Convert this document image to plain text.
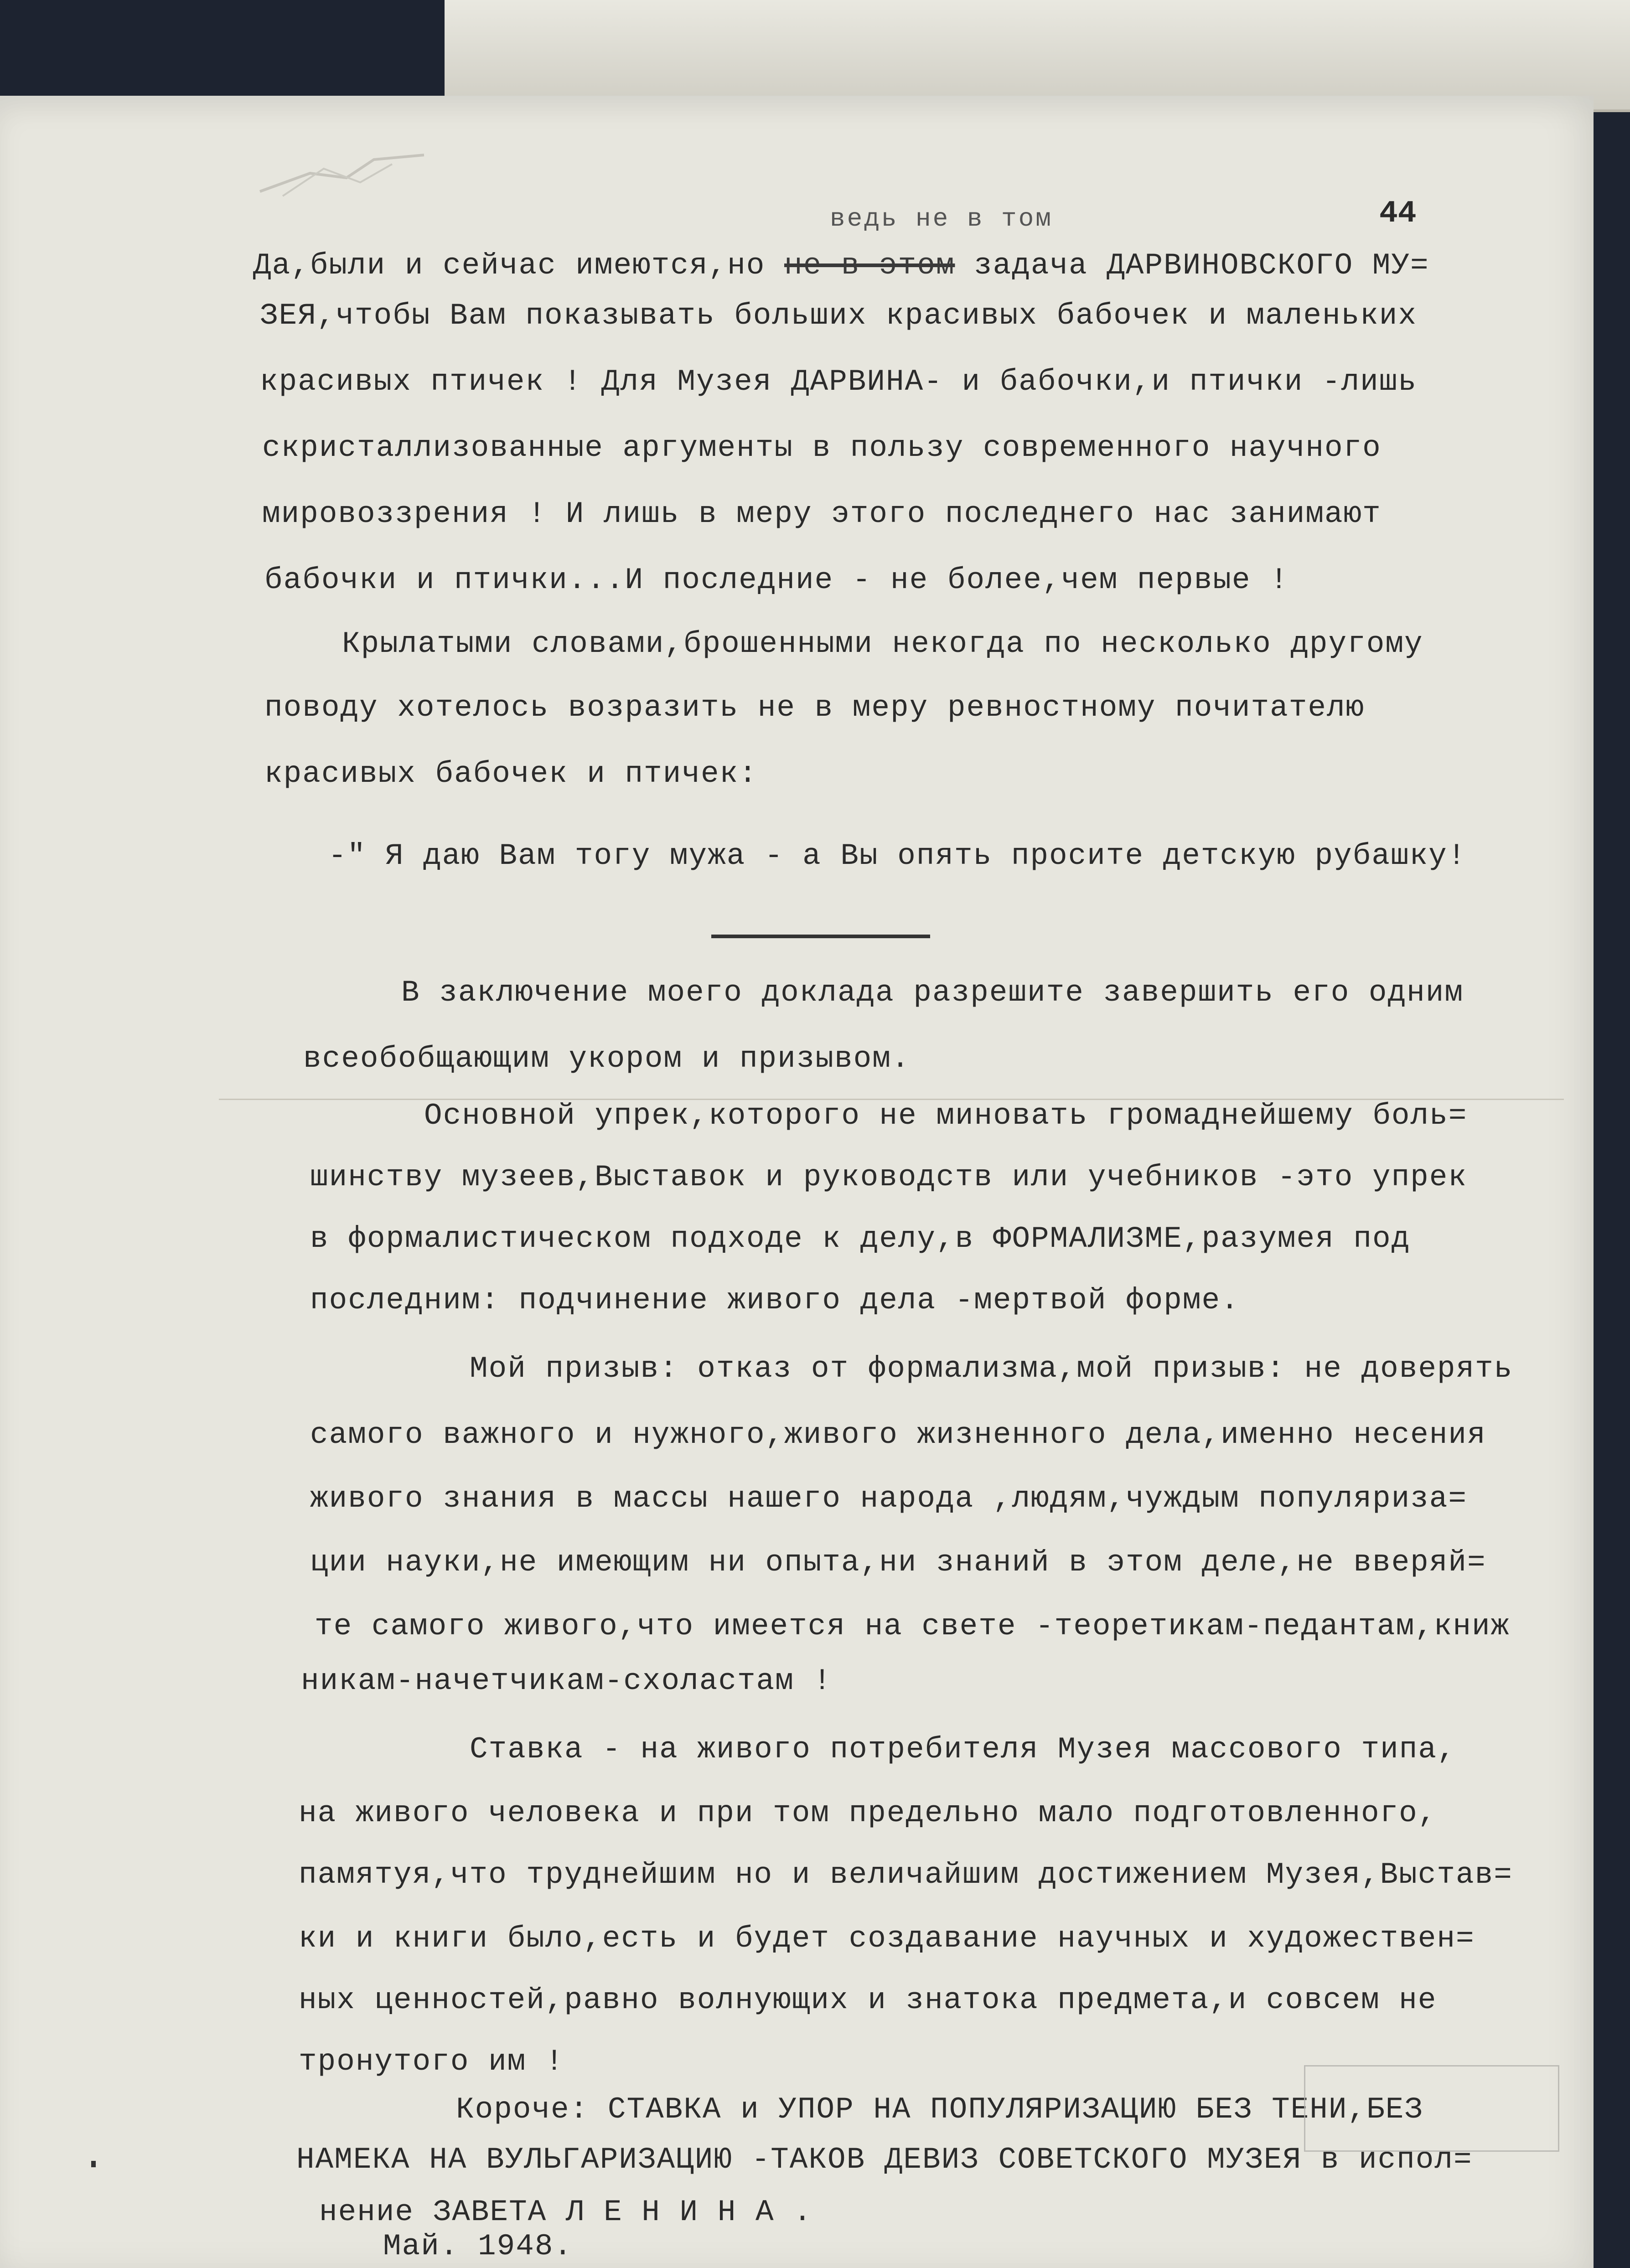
44
ведь не в том
Да,были и сейчас имеются,но не в этом задача ДАРВИНОВСКОГО МУ=
ЗЕЯ,чтобы Вам показывать больших красивых бабочек и маленьких
красивых птичек ! Для Музея ДАРВИНА- и бабочки,и птички -лишь
скристаллизованные аргументы в пользу современного научного
мировоззрения ! И лишь в меру этого последнего нас занимают
бабочки и птички...И последние - не более,чем первые !
Крылатыми словами,брошенными некогда по несколько другому
поводу хотелось возразить не в меру ревностному почитателю
красивых бабочек и птичек:
-" Я даю Вам тогу мужа - а Вы опять просите детскую рубашку!
В заключение моего доклада разрешите завершить его одним
всеобобщающим укором и призывом.
Основной упрек,которого не миновать громаднейшему боль=
шинству музеев,Выставок и руководств или учебников -это упрек
в формалистическом подходе к делу,в ФОРМАЛИЗМЕ,разумея под
последним: подчинение живого дела -мертвой форме.
Мой призыв: отказ от формализма,мой призыв: не доверять
самого важного и нужного,живого жизненного дела,именно несения
живого знания в массы нашего народа ,людям,чуждым популяриза=
ции науки,не имеющим ни опыта,ни знаний в этом деле,не вверяй=
те самого живого,что имеется на свете -теоретикам-педантам,книж
никам-начетчикам-схоластам !
Ставка - на живого потребителя Музея массового типа,
на живого человека и при том предельно мало подготовленного,
памятуя,что труднейшим но и величайшим достижением Музея,Выстав=
ки и книги было,есть и будет создавание научных и художествен=
ных ценностей,равно волнующих и знатока предмета,и совсем не
тронутого им !
Короче: СТАВКА и УПОР НА ПОПУЛЯРИЗАЦИЮ БЕЗ ТЕНИ,БЕЗ
НАМЕКА НА ВУЛЬГАРИЗАЦИЮ -ТАКОВ ДЕВИЗ СОВЕТСКОГО МУЗЕЯ в испол=
нение ЗАВЕТА Л Е Н И Н А .
Май. 1948.
